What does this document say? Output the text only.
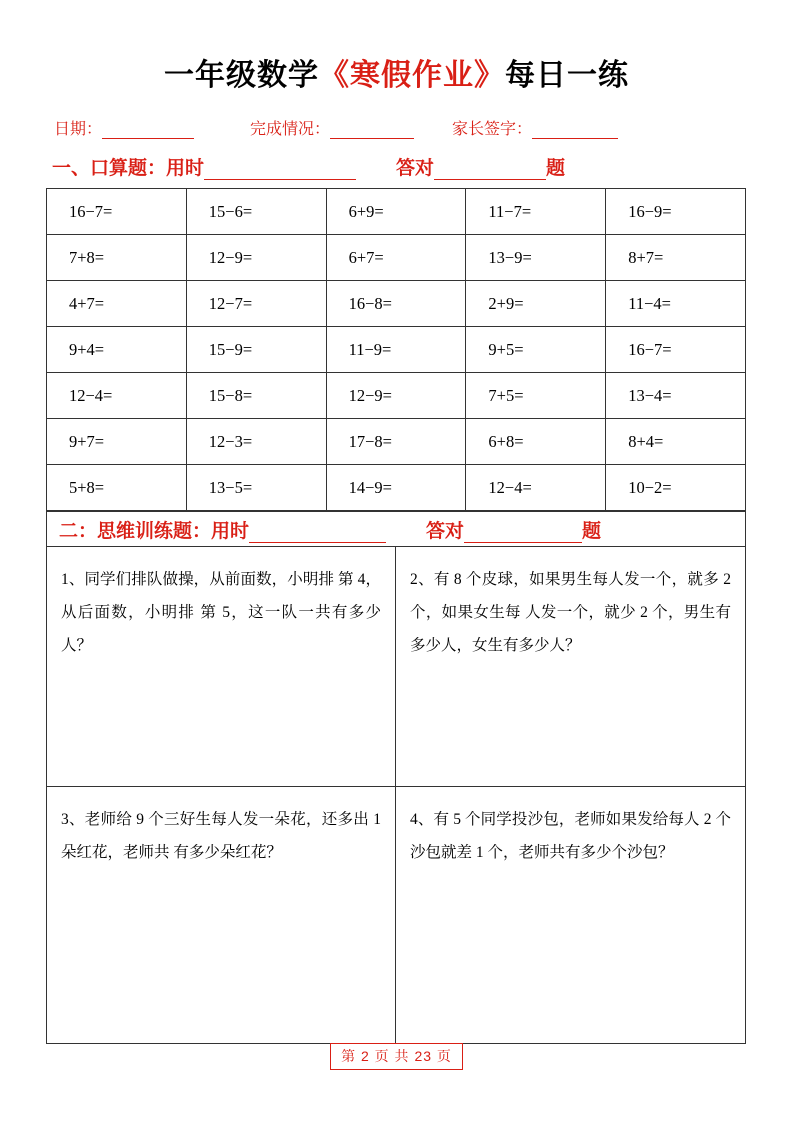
一年级数学《寒假作业》每日一练
日期：	完成情况：	家长签字：
一、口算题：用时	答对	题
16−7=	15−6=	6+9=	11−7=	16−9=
7+8=	12−9=	6+7=	13−9=	8+7=
4+7=	12−7=	16−8=	2+9=	11−4=
9+4=	15−9=	11−9=	9+5=	16−7=
12−4=	15−8=	12−9=	7+5=	13−4=
9+7=	12−3=	17−8=	6+8=	8+4=
5+8=	13−5=	14−9=	12−4=	10−2=
二：思维训练题：用时	答对	题
1、同学们排队做操，从前面数，小明排 第 4，从后面数，小明排 第 5，这一队一共有多少人？
2、有 8 个皮球，如果男生每人发一个，就多 2 个，如果女生每 人发一个，就少 2 个，男生有多少人，女生有多少人？
3、老师给 9 个三好生每人发一朵花，还多出 1 朵红花，老师共 有多少朵红花？
4、有 5 个同学投沙包，老师如果发给每人 2 个沙包就差 1 个，老师共有多少个沙包？
第 2 页 共 23 页
